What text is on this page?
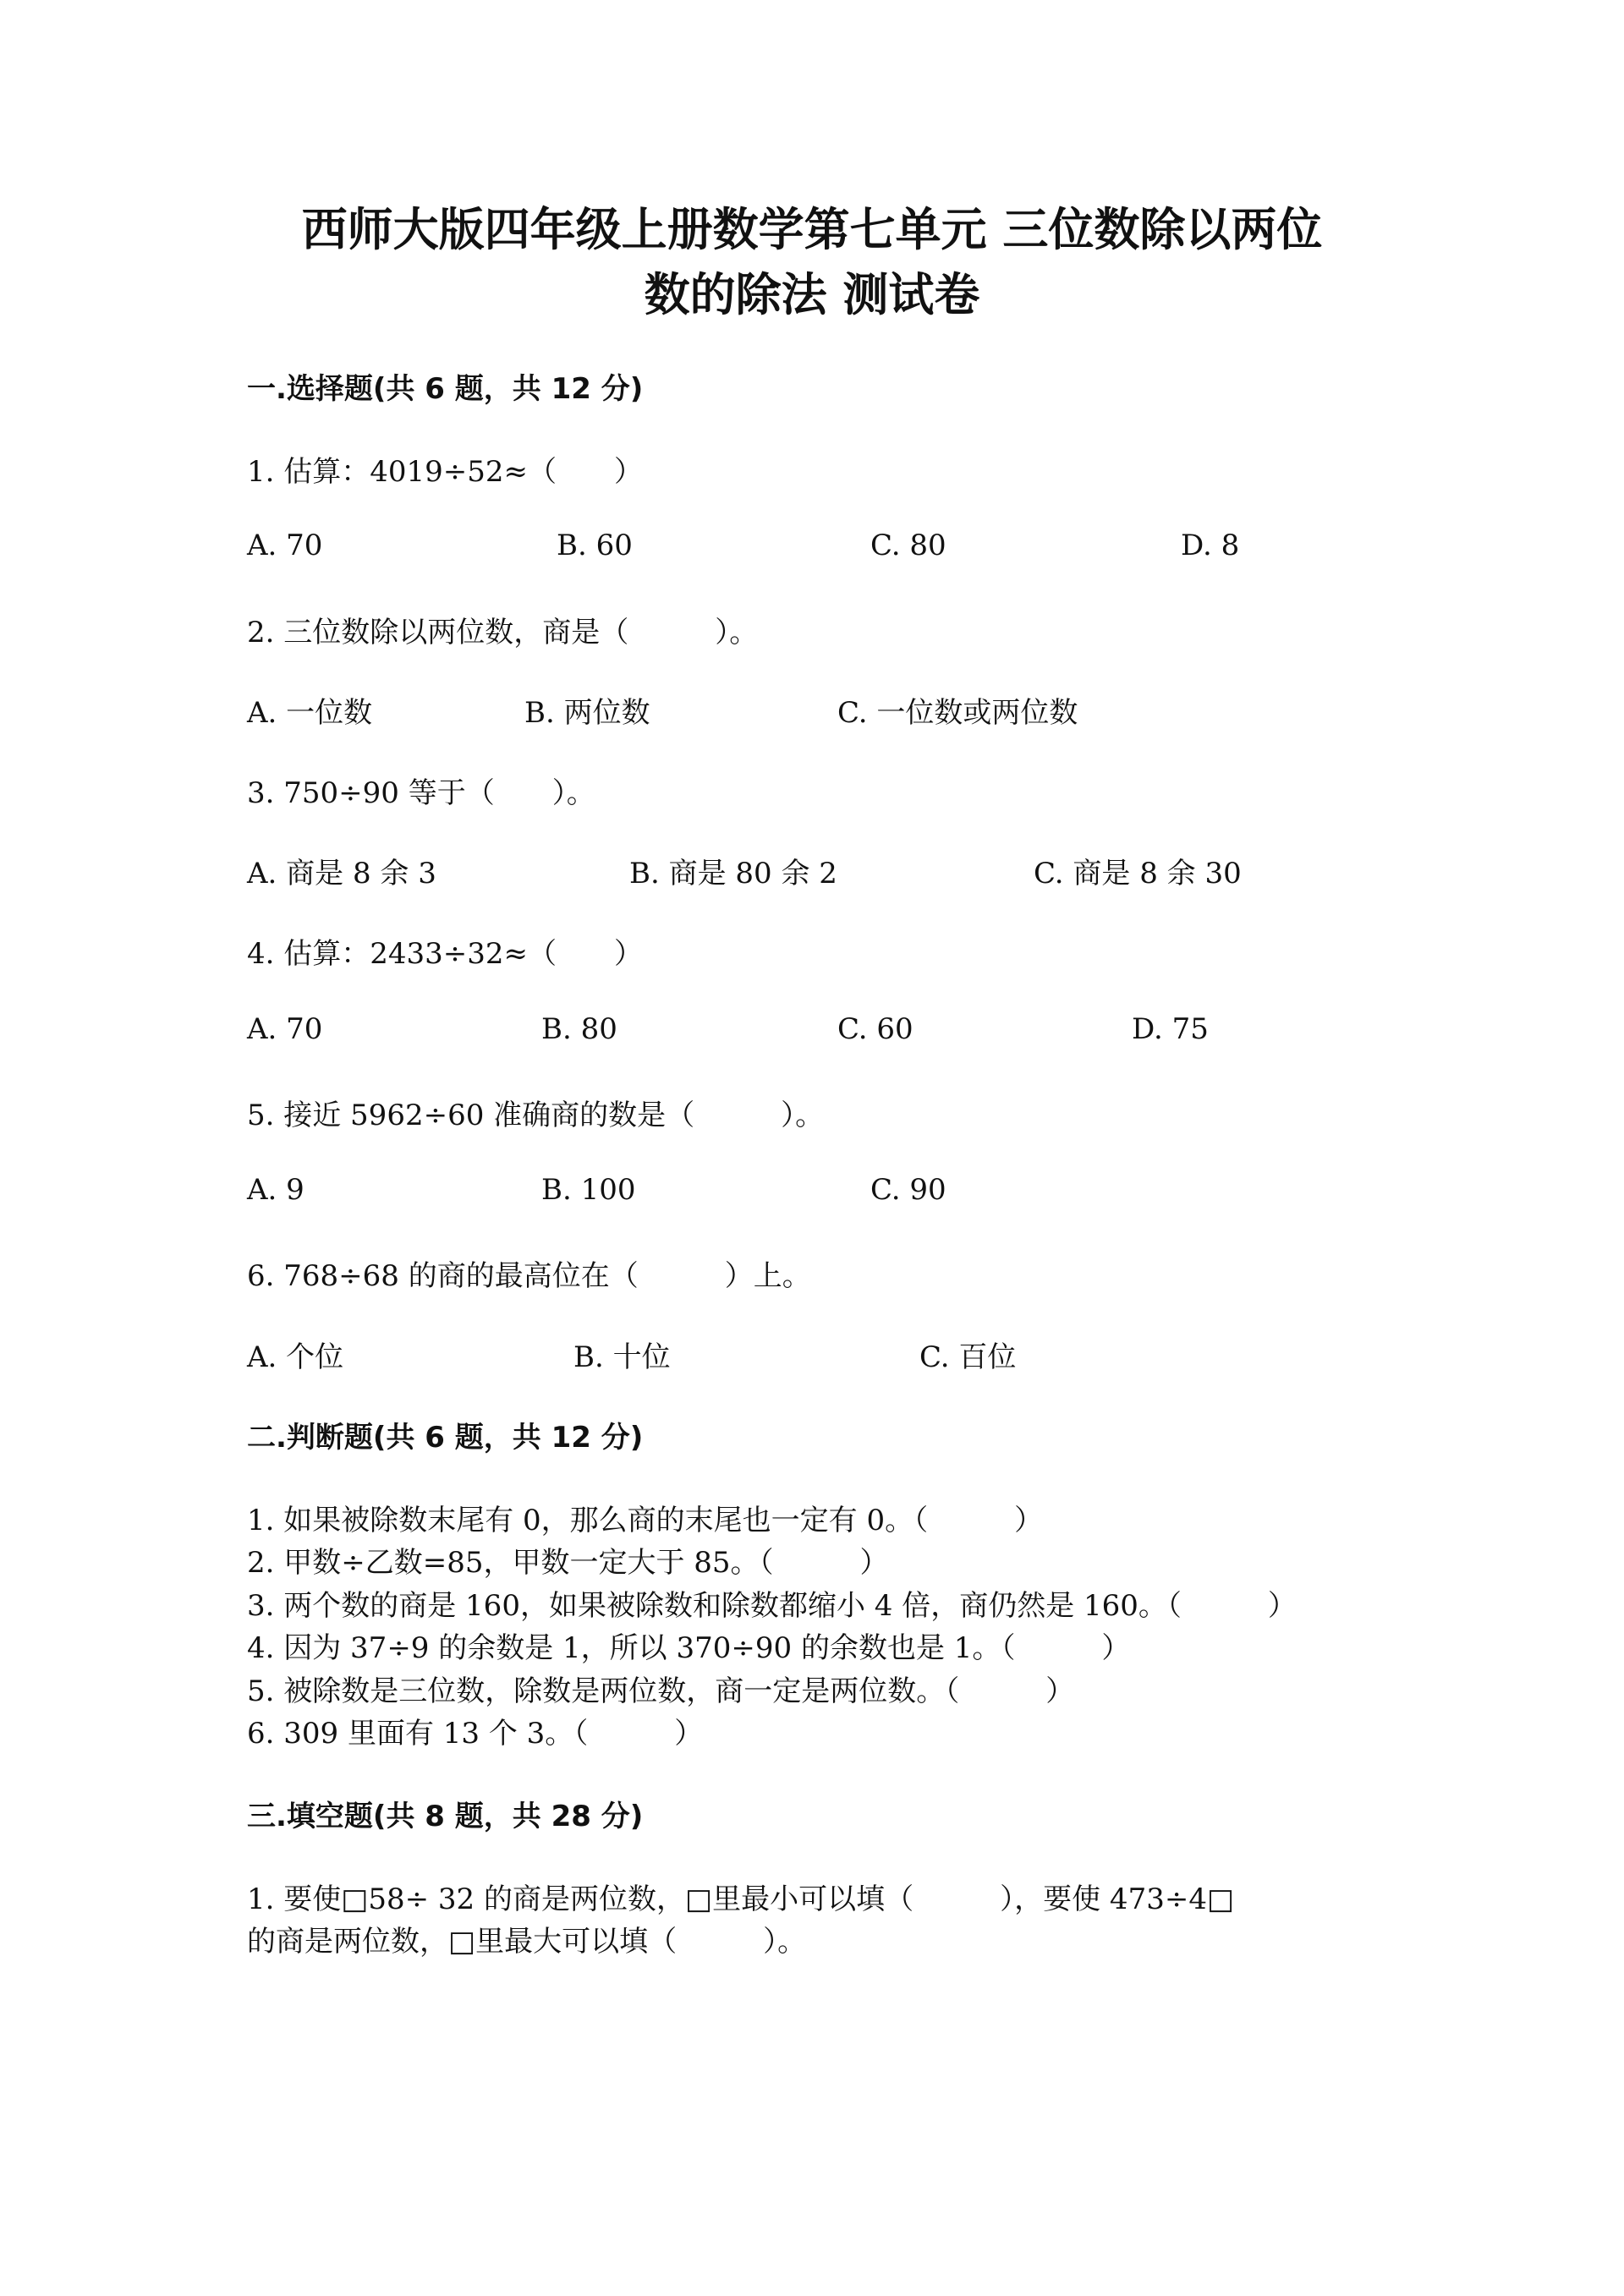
西师大版四年级上册数学第七单元 三位数除以两位
数的除法 测试卷
一.选择题(共 6 题，共 12 分)
1. 估算：4019÷52≈（　　）
A. 70	B. 60	C. 80	D. 8
2. 三位数除以两位数，商是（　　　）。
A. 一位数	B. 两位数	C. 一位数或两位数
3. 750÷90 等于（　　）。
A. 商是 8 余 3	B. 商是 80 余 2	C. 商是 8 余 30
4. 估算：2433÷32≈（　　）
A. 70	B. 80	C. 60	D. 75
5. 接近 5962÷60 准确商的数是（　　　）。
A. 9	B. 100	C. 90
6. 768÷68 的商的最高位在（　　　）上。
A. 个位	B. 十位	C. 百位
二.判断题(共 6 题，共 12 分)
1. 如果被除数末尾有 0，那么商的末尾也一定有 0。（　　　）
2. 甲数÷乙数=85，甲数一定大于 85。（　　　）
3. 两个数的商是 160，如果被除数和除数都缩小 4 倍，商仍然是 160。（　　　）
4. 因为 37÷9 的余数是 1，所以 370÷90 的余数也是 1。（　　　）
5. 被除数是三位数，除数是两位数，商一定是两位数。（　　　）
6. 309 里面有 13 个 3。（　　　）
三.填空题(共 8 题，共 28 分)
1. 要使□58÷ 32 的商是两位数，□里最小可以填（　　　），要使 473÷4□
的商是两位数，□里最大可以填（　　　）。
